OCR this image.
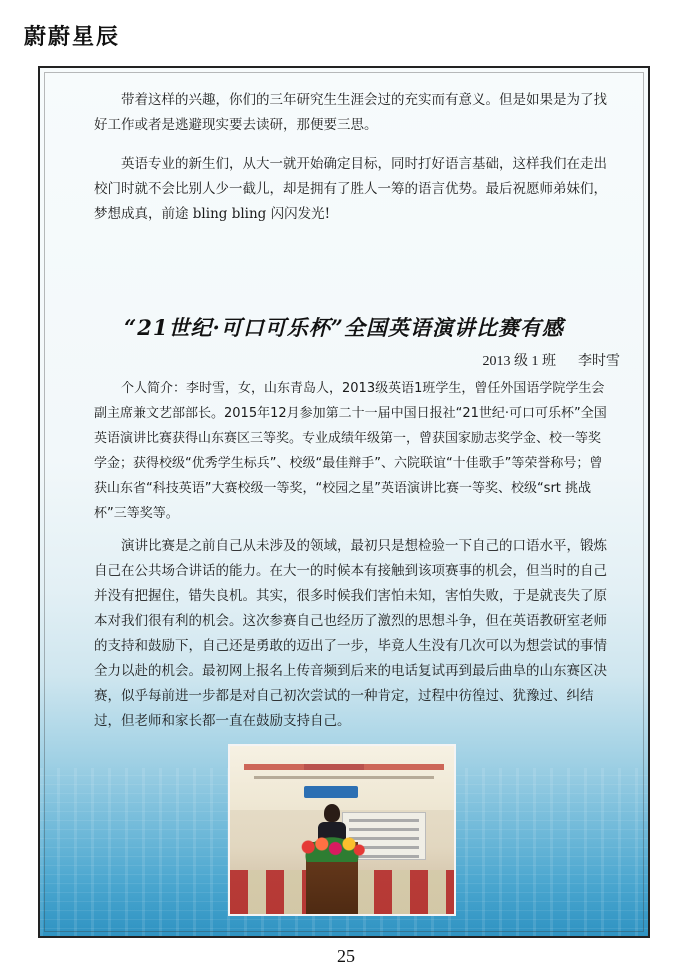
蔚蔚星辰

带着这样的兴趣，你们的三年研究生生涯会过的充实而有意义。但是如果是为了找好工作或者是逃避现实要去读研，那便要三思。

英语专业的新生们，从大一就开始确定目标，同时打好语言基础，这样我们在走出校门时就不会比别人少一截儿，却是拥有了胜人一筹的语言优势。最后祝愿师弟妹们，梦想成真，前途 bling bling 闪闪发光!

“21世纪·可口可乐杯”全国英语演讲比赛有感
2013 级 1 班 李时雪

个人简介：李时雪，女，山东青岛人，2013级英语1班学生，曾任外国语学院学生会副主席兼文艺部部长。2015年12月参加第二十一届中国日报社“21世纪·可口可乐杯”全国英语演讲比赛获得山东赛区三等奖。专业成绩年级第一，曾获国家励志奖学金、校一等奖学金；获得校级“优秀学生标兵”、校级“最佳辩手”、六院联谊“十佳歌手”等荣誉称号；曾获山东省“科技英语”大赛校级一等奖，“校园之星”英语演讲比赛一等奖、校级“srt 挑战杯”三等奖等。

演讲比赛是之前自己从未涉及的领域，最初只是想检验一下自己的口语水平，锻炼自己在公共场合讲话的能力。在大一的时候本有接触到该项赛事的机会，但当时的自己并没有把握住，错失良机。其实，很多时候我们害怕未知，害怕失败，于是就丧失了原本对我们很有利的机会。这次参赛自己也经历了激烈的思想斗争，但在英语教研室老师的支持和鼓励下，自己还是勇敢的迈出了一步，毕竟人生没有几次可以为想尝试的事情全力以赴的机会。最初网上报名上传音频到后来的电话复试再到最后曲阜的山东赛区决赛，似乎每前进一步都是对自己初次尝试的一种肯定，过程中彷徨过、犹豫过、纠结过，但老师和家长都一直在鼓励支持自己。

25
